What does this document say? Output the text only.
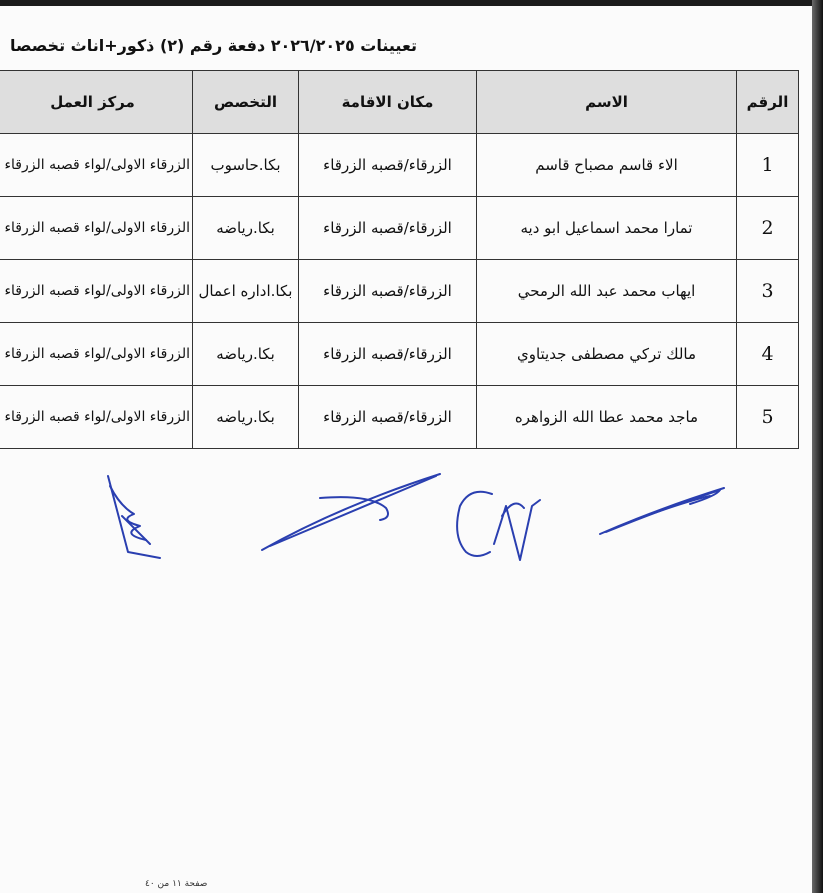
تعيينات ٢٠٢٦/٢٠٢٥ دفعة رقم (٢) ذكور+اناث تخصصا
الرقم	الاسم	مكان الاقامة	التخصص	مركز العمل
1	الاء قاسم مصباح قاسم	الزرقاء/قصبه الزرقاء	بكا.حاسوب	الزرقاء الاولى/لواء قصبه الزرقاء
2	تمارا محمد اسماعيل ابو ديه	الزرقاء/قصبه الزرقاء	بكا.رياضه	الزرقاء الاولى/لواء قصبه الزرقاء
3	ايهاب محمد عبد الله الرمحي	الزرقاء/قصبه الزرقاء	بكا.اداره اعمال	الزرقاء الاولى/لواء قصبه الزرقاء
4	مالك تركي مصطفى جديتاوي	الزرقاء/قصبه الزرقاء	بكا.رياضه	الزرقاء الاولى/لواء قصبه الزرقاء
5	ماجد محمد عطا الله الزواهره	الزرقاء/قصبه الزرقاء	بكا.رياضه	الزرقاء الاولى/لواء قصبه الزرقاء
صفحة ١١ من ٤٠
